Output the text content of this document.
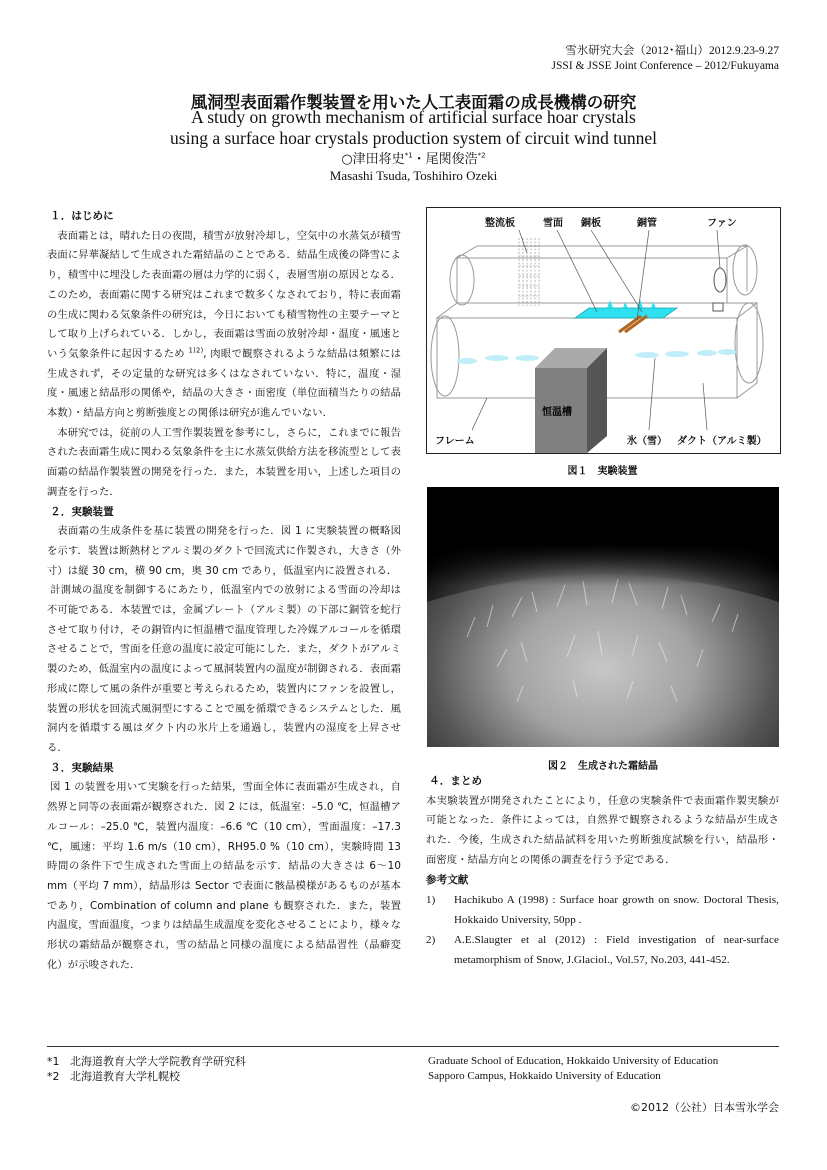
雪氷研究大会（2012･福山）2012.9.23-9.27
JSSI & JSSE Joint Conference – 2012/Fukuyama
風洞型表面霜作製装置を用いた人工表面霜の成長機構の研究
A study on growth mechanism of artificial surface hoar crystals
using a surface hoar crystals production system of circuit wind tunnel
○津田将史$^{*1}$・尾関俊浩$^{*2}$
Masashi Tsuda, Toshihiro Ozeki
１．はじめに

表面霜とは，晴れた日の夜間，積雪が放射冷却し，空気中の水蒸気が積雪表面に昇華凝結して生成された霜結晶のことである．結晶生成後の降雪により，積雪中に埋没した表面霜の層は力学的に弱く，表層雪崩の原因となる．このため，表面霜に関する研究はこれまで数多くなされており，特に表面霜の生成に関わる気象条件の研究は，今日においても積雪物性の主要テーマとして取り上げられている．しかし，表面霜は雪面の放射冷却・温度・風速という気象条件に起因するため $^{1)2)}$, 肉眼で観察されるような結晶は頻繁には生成されず，その定量的な研究は多くはなされていない．特に，温度・湿度・風速と結晶形の関係や，結晶の大きさ・面密度（単位面積当たりの結晶本数）・結晶方向と剪断強度との関係は研究が進んでいない．

本研究では，従前の人工雪作製装置を参考にし，さらに，これまでに報告された表面霜生成に関わる気象条件を主に水蒸気供給方法を移流型として表面霜の結晶作製装置の開発を行った．また，本装置を用い，上述した項目の調査を行った．

２．実験装置

表面霜の生成条件を基に装置の開発を行った．図 1 に実験装置の概略図を示す．装置は断熱材とアルミ製のダクトで回流式に作製され，大きさ（外寸）は縦 30 cm，横 90 cm，奥 30 cm であり，低温室内に設置される．

計測域の温度を制御するにあたり，低温室内での放射による雪面の冷却は不可能である．本装置では，金属プレート（アルミ製）の下部に銅管を蛇行させて取り付け，その銅管内に恒温槽で温度管理した冷媒アルコールを循環させることで，雪面を任意の温度に設定可能にした．また，ダクトがアルミ製のため，低温室内の温度によって風洞装置内の温度が制御される．表面霜形成に際して風の条件が重要と考えられるため，装置内にファンを設置し，装置の形状を回流式風洞型にすることで風を循環できるシステムとした．風洞内を循環する風はダクト内の氷片上を通過し，装置内の湿度を上昇させる．

３．実験結果

図 1 の装置を用いて実験を行った結果，雪面全体に表面霜が生成され，自然界と同等の表面霜が観察された．図 2 には，低温室：–5.0 ℃，恒温槽アルコール：–25.0 ℃，装置内温度：–6.6 ℃（10 cm），雪面温度：–17.3 ℃，風速：平均 1.6 m/s（10 cm），RH95.0 %（10 cm），実験時間 13 時間の条件下で生成された雪面上の結晶を示す．結晶の大きさは 6〜10 mm（平均 7 mm），結晶形は Sector で表面に骸晶模様があるものが基本であり，Combination of column and plane も観察された．また，装置内温度，雪面温度，つまりは結晶生成温度を変化させることにより，様々な形状の霜結晶が観察され，雪の結晶と同様の温度による結晶習性（晶癖変化）が示唆された．

整流板	雪面 銅板	銅管	ファン
恒温槽
フレーム	氷（雪） ダクト（アルミ製）
図１　実験装置
図２　生成された霜結晶
４．まとめ

本実験装置が開発されたことにより，任意の実験条件で表面霜作製実験が可能となった．条件によっては，自然界で観察されるような結晶が生成された．今後，生成された結晶試料を用いた剪断強度試験を行い，結晶形・面密度・結晶方向との関係の調査を行う予定である．

参考文献
1)	Hachikubo A (1998) : Surface hoar growth on snow. Doctoral Thesis, Hokkaido University, 50pp .
2)	A.E.Slaugter et al (2012) : Field investigation of near-surface metamorphism of Snow, J.Glaciol., Vol.57, No.203, 441-452.
*1 北海道教育大学大学院教育学研究科
*2 北海道教育大学札幌校
Graduate School of Education, Hokkaido University of Education
Sapporo Campus, Hokkaido University of Education
©2012（公社）日本雪氷学会
